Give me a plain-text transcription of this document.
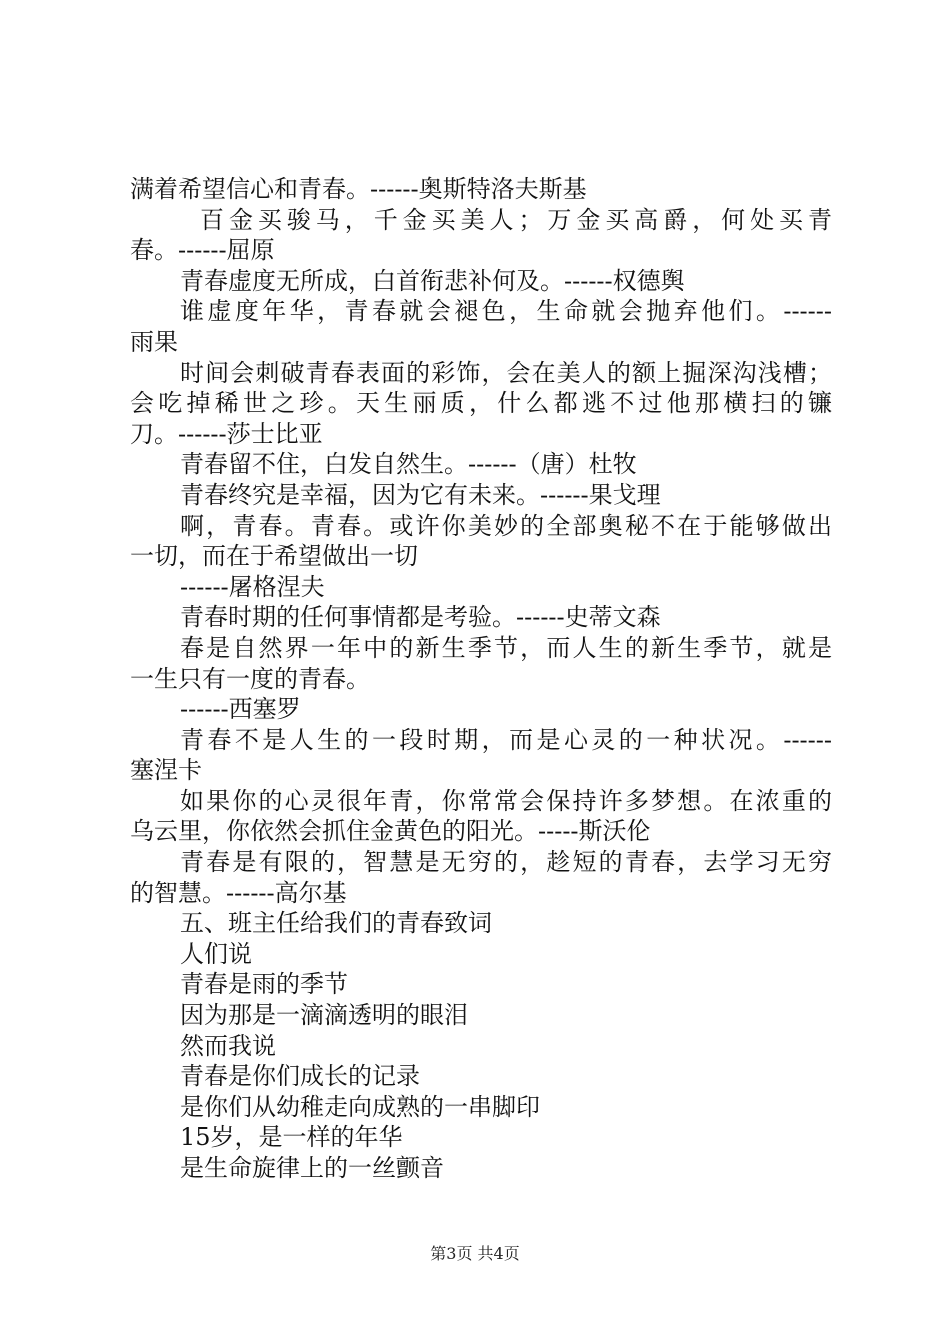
满着希望信心和青春。------奥斯特洛夫斯基
百金买骏马，千金买美人；万金买高爵，何处买青
春。------屈原
青春虚度无所成，白首衔悲补何及。------权德舆
谁虚度年华，青春就会褪色，生命就会抛弃他们。------
雨果
时间会刺破青春表面的彩饰，会在美人的额上掘深沟浅槽；
会吃掉稀世之珍。天生丽质，什么都逃不过他那横扫的镰
刀。------莎士比亚
青春留不住，白发自然生。------（唐）杜牧
青春终究是幸福，因为它有未来。------果戈理
啊，青春。青春。或许你美妙的全部奥秘不在于能够做出
一切，而在于希望做出一切
------屠格涅夫
青春时期的任何事情都是考验。------史蒂文森
春是自然界一年中的新生季节，而人生的新生季节，就是
一生只有一度的青春。
------西塞罗
青春不是人生的一段时期，而是心灵的一种状况。------
塞涅卡
如果你的心灵很年青，你常常会保持许多梦想。在浓重的
乌云里，你依然会抓住金黄色的阳光。-----斯沃伦
青春是有限的，智慧是无穷的，趁短的青春，去学习无穷
的智慧。------高尔基
五、班主任给我们的青春致词
人们说
青春是雨的季节
因为那是一滴滴透明的眼泪
然而我说
青春是你们成长的记录
是你们从幼稚走向成熟的一串脚印
15岁，是一样的年华
是生命旋律上的一丝颤音
第3页 共4页
